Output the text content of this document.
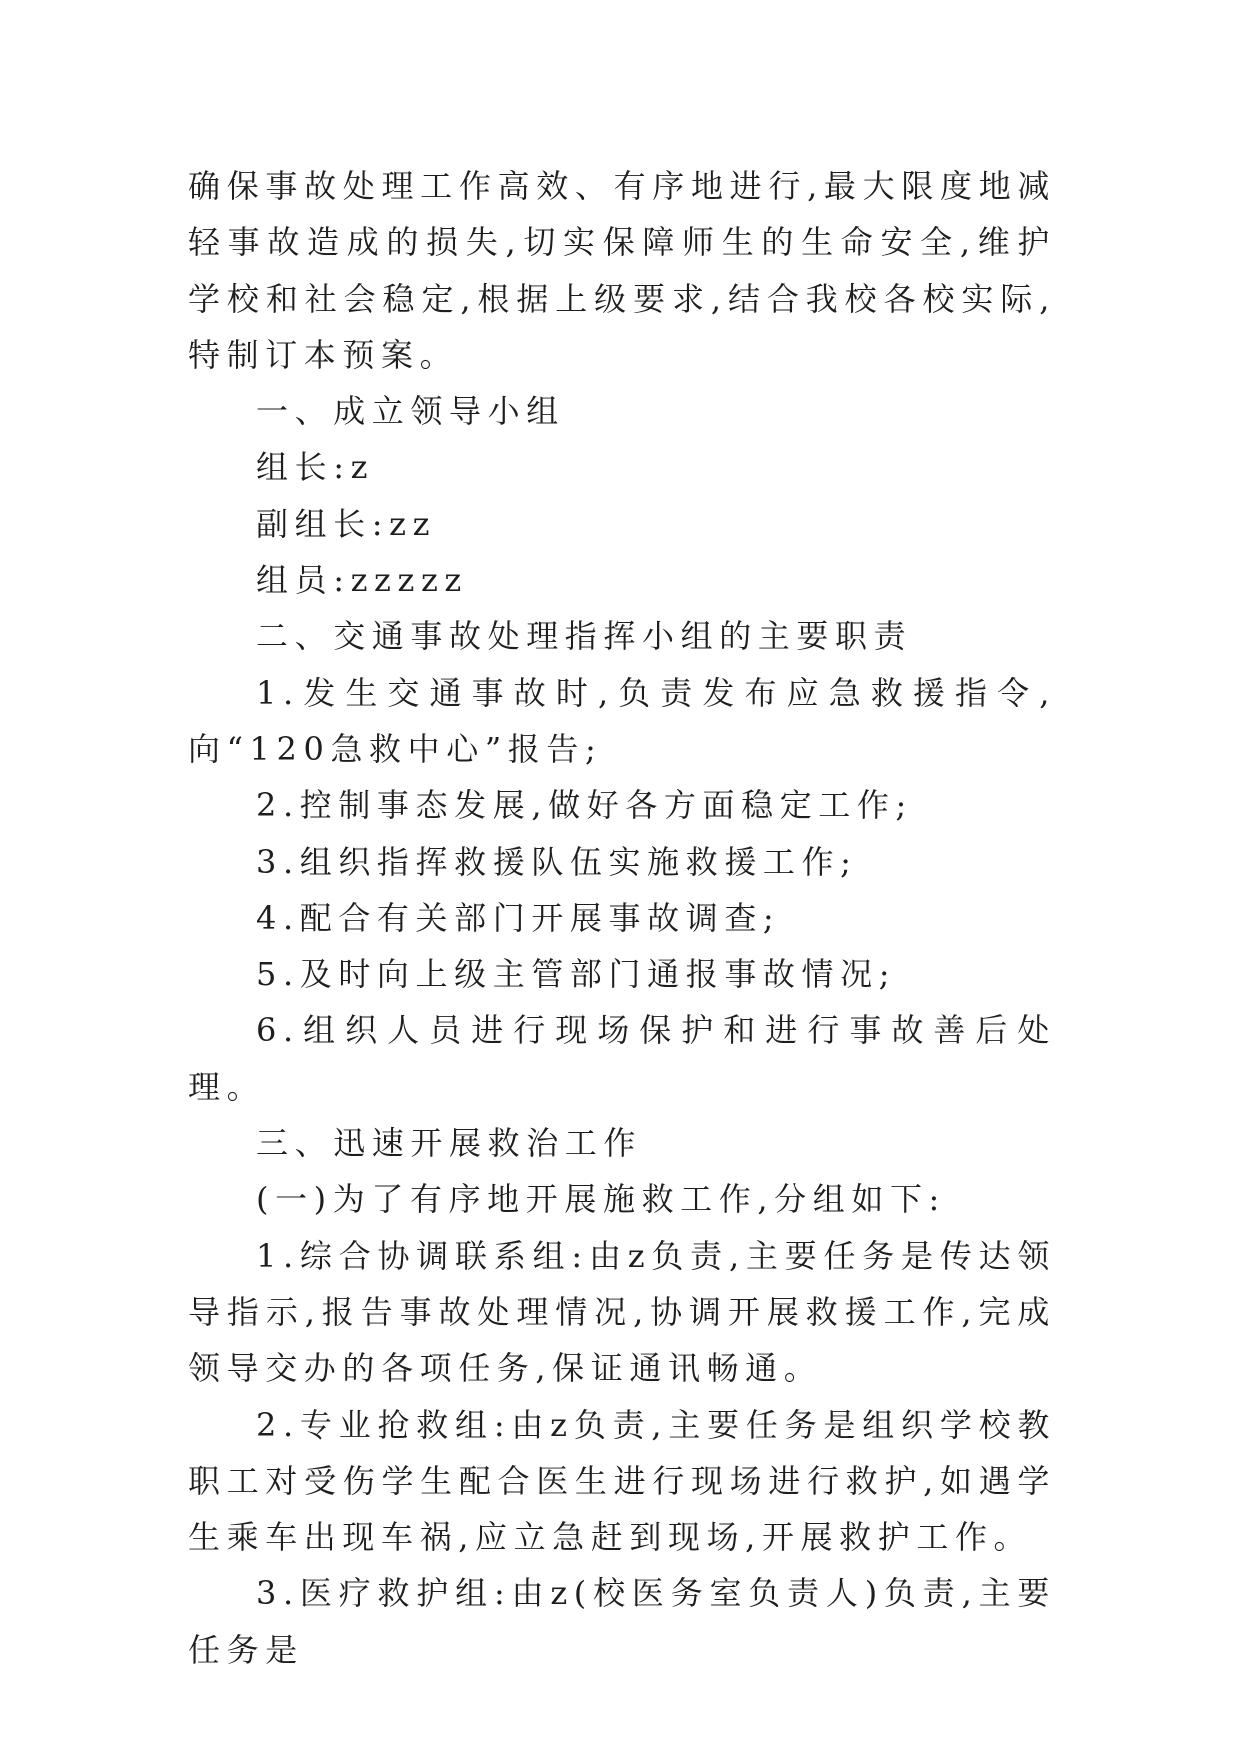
确保事故处理工作高效、有序地进行,最大限度地减轻事故造成的损失,切实保障师生的生命安全,维护学校和社会稳定,根据上级要求,结合我校各校实际,特制订本预案。

一、成立领导小组

组长:z

副组长:zz

组员:zzzzz

二、交通事故处理指挥小组的主要职责

1.发生交通事故时,负责发布应急救援指令,向“120急救中心”报告;

2.控制事态发展,做好各方面稳定工作;

3.组织指挥救援队伍实施救援工作;

4.配合有关部门开展事故调查;

5.及时向上级主管部门通报事故情况;

6.组织人员进行现场保护和进行事故善后处理。

三、迅速开展救治工作

(一)为了有序地开展施救工作,分组如下:

1.综合协调联系组:由z负责,主要任务是传达领导指示,报告事故处理情况,协调开展救援工作,完成领导交办的各项任务,保证通讯畅通。

2.专业抢救组:由z负责,主要任务是组织学校教职工对受伤学生配合医生进行现场进行救护,如遇学生乘车出现车祸,应立急赶到现场,开展救护工作。

3.医疗救护组:由z(校医务室负责人)负责,主要任务是
